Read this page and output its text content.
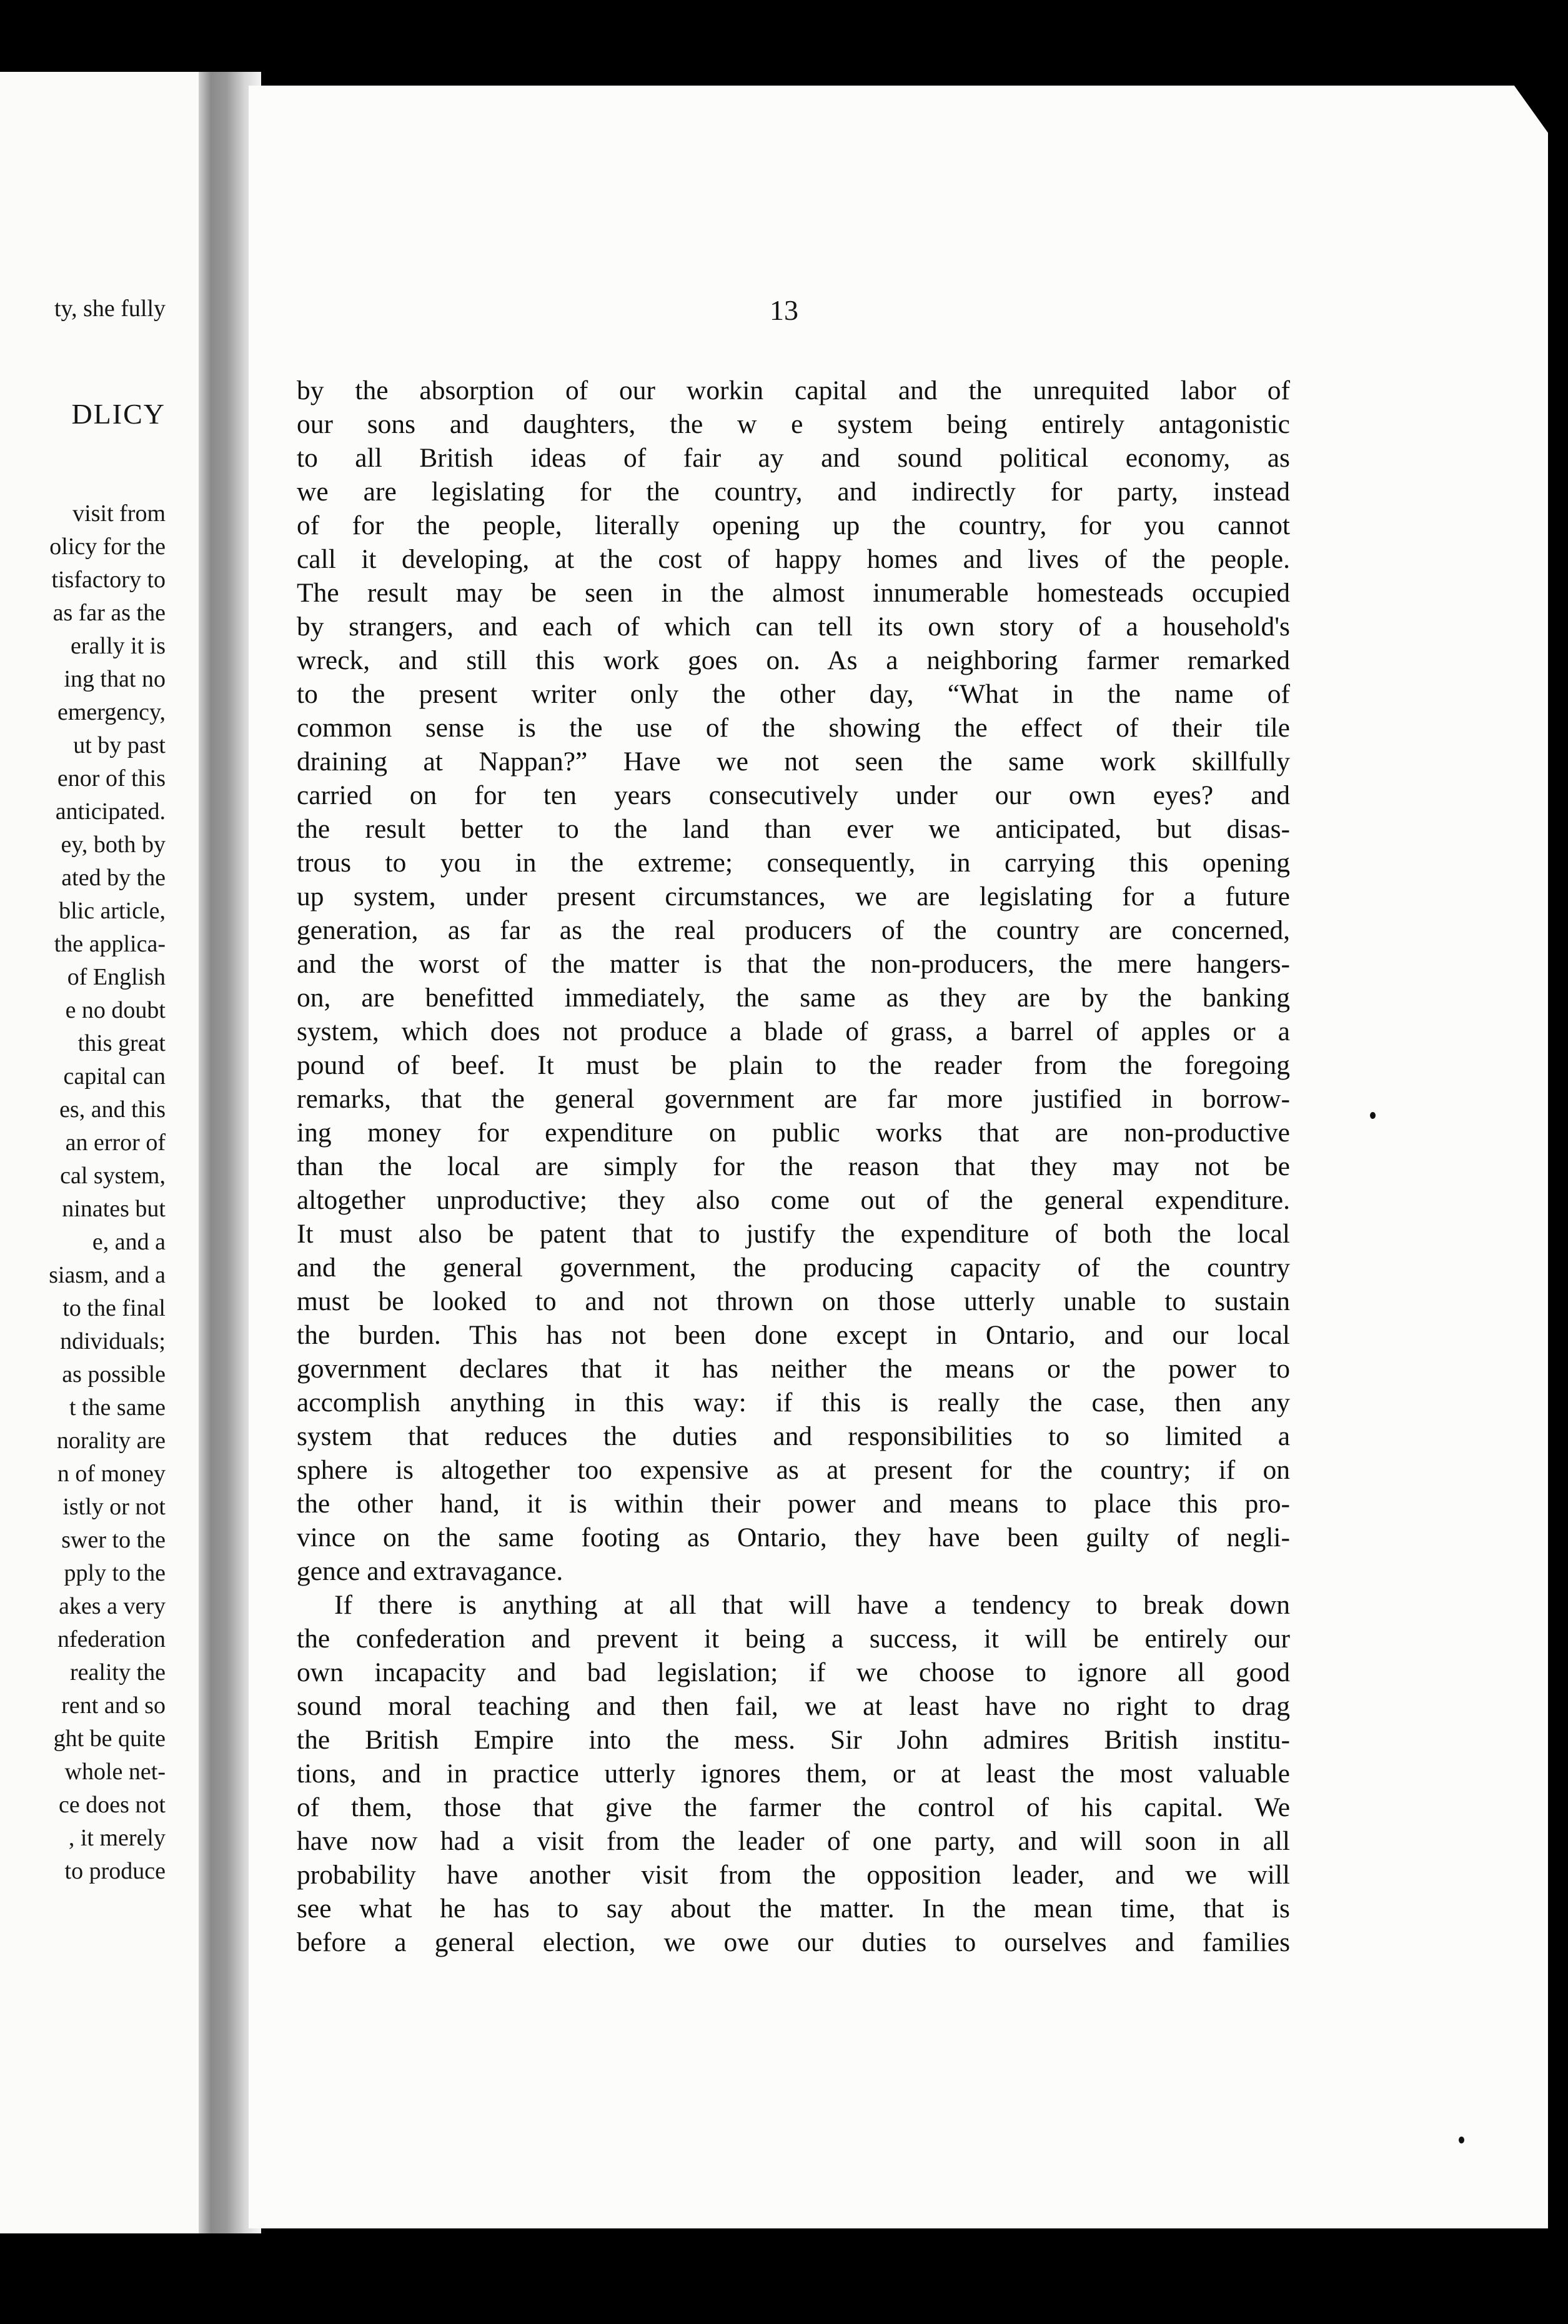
ty, she fully
DLICY
visit from
olicy for the
tisfactory to
as far as the
erally it is
ing that no
emergency,
ut by past
enor of this
anticipated.
ey, both by
ated by the
blic article,
the applica-
of English
e no doubt
this great
capital can
es, and this
an error of
cal system,
ninates but
e, and a
siasm, and a
to the final
ndividuals;
as possible
t the same
norality are
n of money
istly or not
swer to the
pply to the
akes a very
nfederation
reality the
rent and so
ght be quite
whole net-
ce does not
, it merely
to produce
13
by the absorption of our workin capital and the unrequited labor of
our sons and daughters, the w e system being entirely antagonistic
to all British ideas of fair ay and sound political economy, as
we are legislating for the country, and indirectly for party, instead
of for the people, literally opening up the country, for you cannot
call it developing, at the cost of happy homes and lives of the people.
The result may be seen in the almost innumerable homesteads occupied
by strangers, and each of which can tell its own story of a household's
wreck, and still this work goes on. As a neighboring farmer remarked
to the present writer only the other day, “What in the name of
common sense is the use of the showing the effect of their tile
draining at Nappan?” Have we not seen the same work skillfully
carried on for ten years consecutively under our own eyes? and
the result better to the land than ever we anticipated, but disas-
trous to you in the extreme; consequently, in carrying this opening
up system, under present circumstances, we are legislating for a future
generation, as far as the real producers of the country are concerned,
and the worst of the matter is that the non-producers, the mere hangers-
on, are benefitted immediately, the same as they are by the banking
system, which does not produce a blade of grass, a barrel of apples or a
pound of beef. It must be plain to the reader from the foregoing
remarks, that the general government are far more justified in borrow-
ing money for expenditure on public works that are non-productive
than the local are simply for the reason that they may not be
altogether unproductive; they also come out of the general expenditure.
It must also be patent that to justify the expenditure of both the local
and the general government, the producing capacity of the country
must be looked to and not thrown on those utterly unable to sustain
the burden. This has not been done except in Ontario, and our local
government declares that it has neither the means or the power to
accomplish anything in this way: if this is really the case, then any
system that reduces the duties and responsibilities to so limited a
sphere is altogether too expensive as at present for the country; if on
the other hand, it is within their power and means to place this pro-
vince on the same footing as Ontario, they have been guilty of negli-
gence and extravagance.
If there is anything at all that will have a tendency to break down
the confederation and prevent it being a success, it will be entirely our
own incapacity and bad legislation; if we choose to ignore all good
sound moral teaching and then fail, we at least have no right to drag
the British Empire into the mess. Sir John admires British institu-
tions, and in practice utterly ignores them, or at least the most valuable
of them, those that give the farmer the control of his capital. We
have now had a visit from the leader of one party, and will soon in all
probability have another visit from the opposition leader, and we will
see what he has to say about the matter. In the mean time, that is
before a general election, we owe our duties to ourselves and families
